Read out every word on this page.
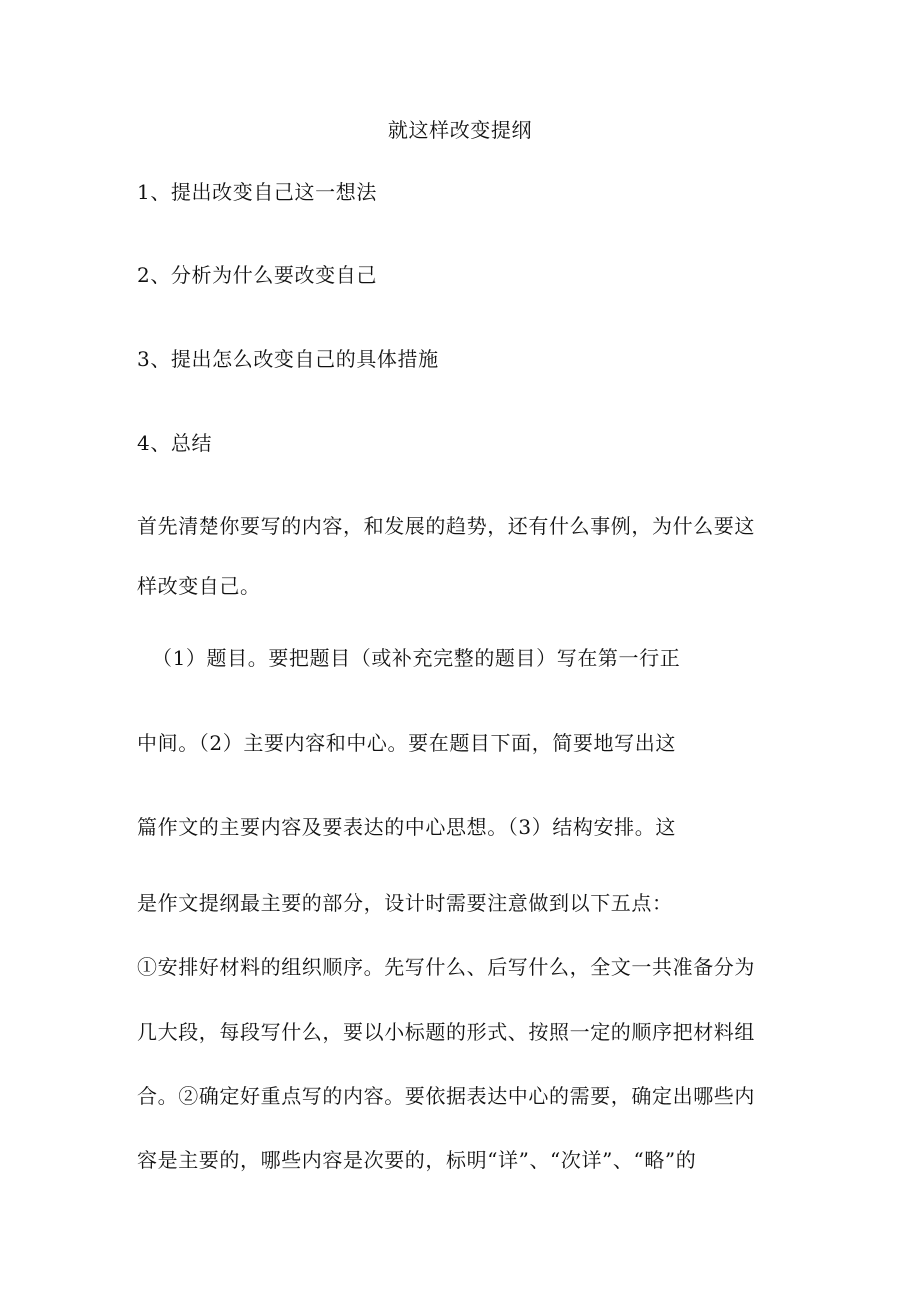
就这样改变提纲
1、提出改变自己这一想法
2、分析为什么要改变自己
3、提出怎么改变自己的具体措施
4、总结
首先清楚你要写的内容，和发展的趋势，还有什么事例，为什么要这
样改变自己。
（1）题目。要把题目（或补充完整的题目）写在第一行正
中间。（2）主要内容和中心。要在题目下面，简要地写出这
篇作文的主要内容及要表达的中心思想。（3）结构安排。这
是作文提纲最主要的部分，设计时需要注意做到以下五点：
①安排好材料的组织顺序。先写什么、后写什么，全文一共准备分为
几大段，每段写什么，要以小标题的形式、按照一定的顺序把材料组
合。②确定好重点写的内容。要依据表达中心的需要，确定出哪些内
容是主要的，哪些内容是次要的，标明“详”、“次详”、“略”的
